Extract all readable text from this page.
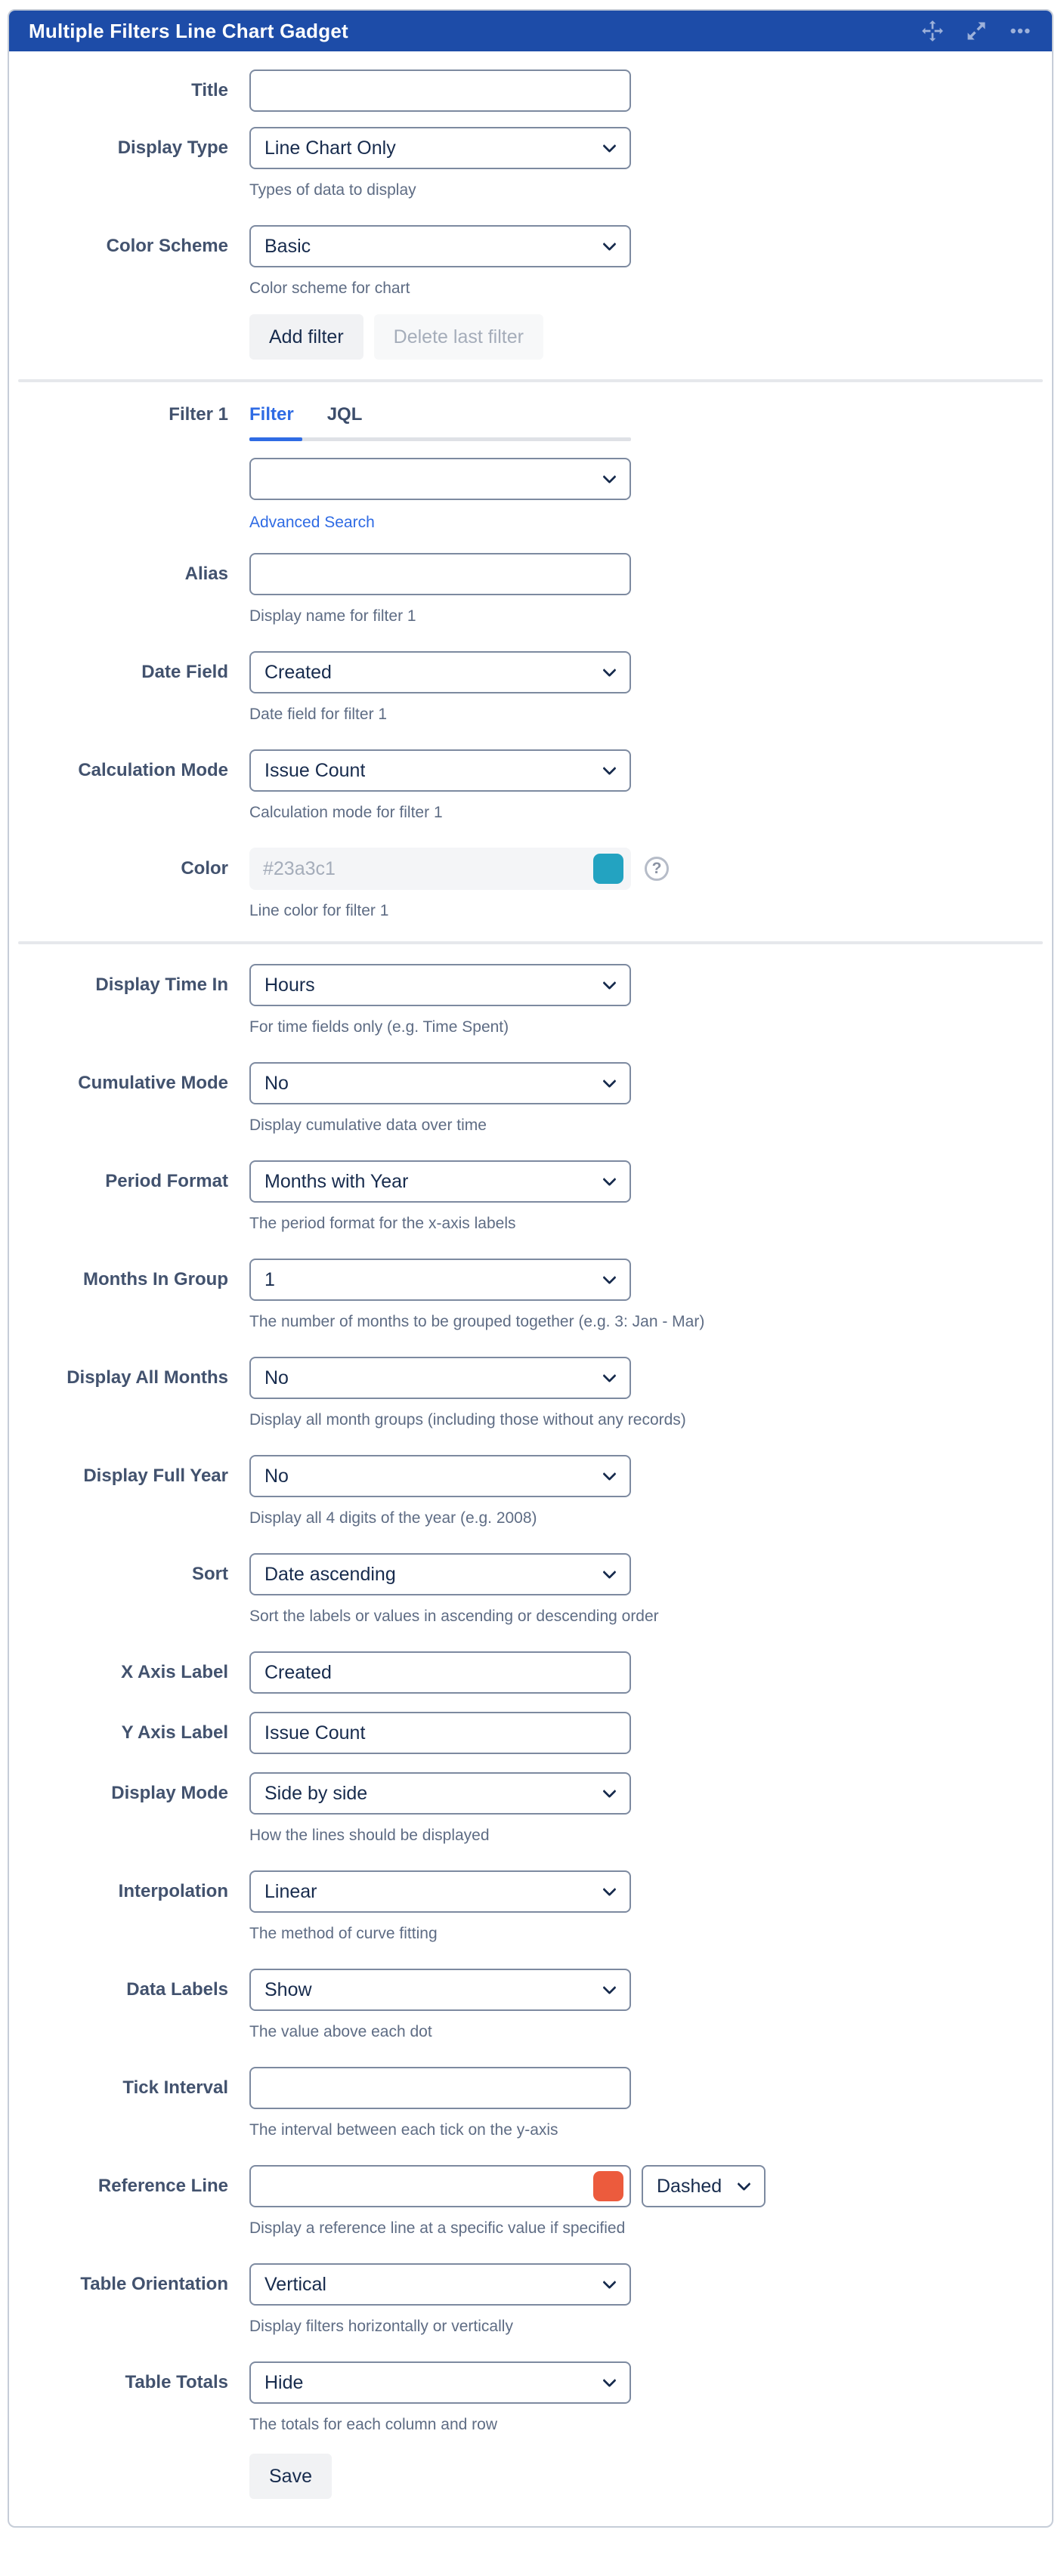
Multiple Filters Line Chart Gadget
Title
Display Type Line Chart Only
Types of data to display
Color Scheme Basic
Color scheme for chart
Add filter	Delete last filter
Filter 1 Filter JQL
Advanced Search
Alias
Display name for filter 1
Date Field Created
Date field for filter 1
Calculation Mode Issue Count
Calculation mode for filter 1
Color
#23a3c1
?
Line color for filter 1
Display Time In Hours
For time fields only (e.g. Time Spent)
Cumulative Mode No
Display cumulative data over time
Period Format Months with Year
The period format for the x-axis labels
Months In Group 1
The number of months to be grouped together (e.g. 3: Jan - Mar)
Display All Months No
Display all month groups (including those without any records)
Display Full Year No
Display all 4 digits of the year (e.g. 2008)
Sort Date ascending
Sort the labels or values in ascending or descending order
X Axis Label
Created
Y Axis Label
Issue Count
Display Mode Side by side
How the lines should be displayed
Interpolation Linear
The method of curve fitting
Data Labels Show
The value above each dot
Tick Interval
The interval between each tick on the y-axis
Reference Line	Dashed
Display a reference line at a specific value if specified
Table Orientation Vertical
Display filters horizontally or vertically
Table Totals Hide
The totals for each column and row
Save
